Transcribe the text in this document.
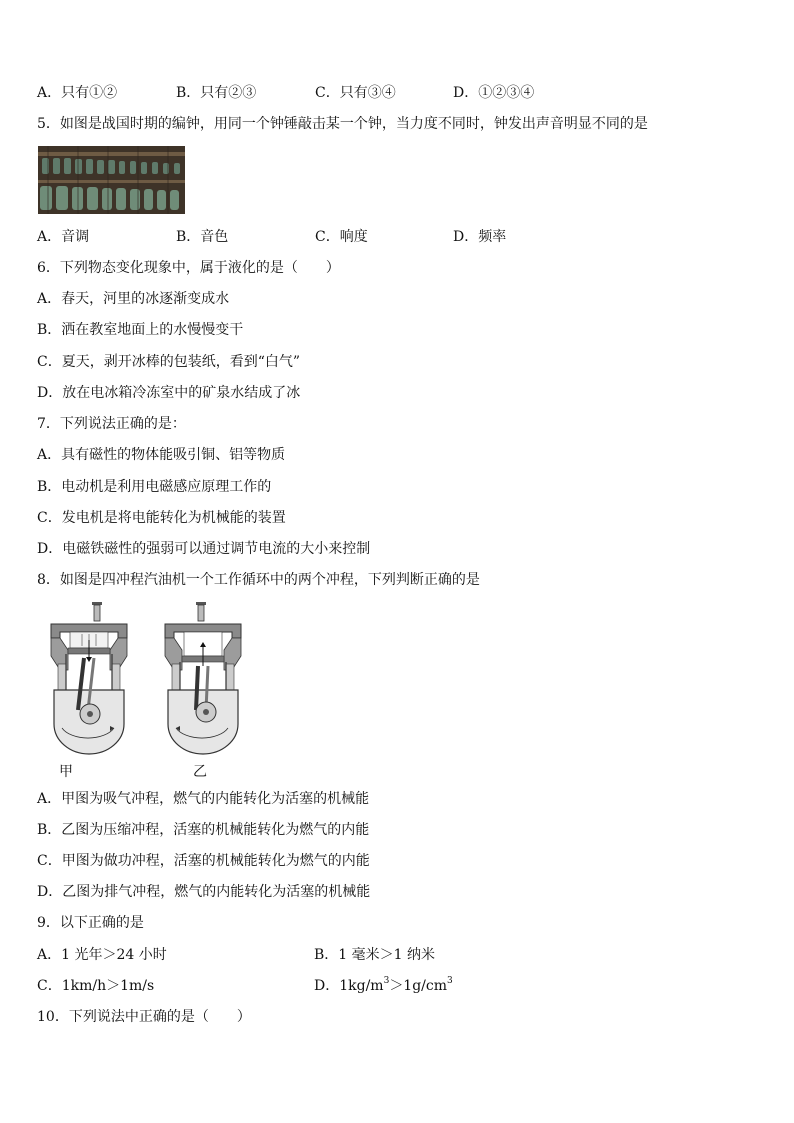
A．只有①②	B．只有②③	C．只有③④	D．①②③④
5．如图是战国时期的编钟，用同一个钟锤敲击某一个钟，当力度不同时，钟发出声音明显不同的是
A．音调	B．音色	C．响度	D．频率
6．下列物态变化现象中，属于液化的是（　　）
A．春天，河里的冰逐渐变成水
B．洒在教室地面上的水慢慢变干
C．夏天，剥开冰棒的包装纸，看到“白气”
D．放在电冰箱冷冻室中的矿泉水结成了冰
7．下列说法正确的是：
A．具有磁性的物体能吸引铜、铝等物质
B．电动机是利用电磁感应原理工作的
C．发电机是将电能转化为机械能的装置
D．电磁铁磁性的强弱可以通过调节电流的大小来控制
8．如图是四冲程汽油机一个工作循环中的两个冲程，下列判断正确的是
甲	乙
A．甲图为吸气冲程，燃气的内能转化为活塞的机械能
B．乙图为压缩冲程，活塞的机械能转化为燃气的内能
C．甲图为做功冲程，活塞的机械能转化为燃气的内能
D．乙图为排气冲程，燃气的内能转化为活塞的机械能
9．以下正确的是
A．1 光年＞24 小时	B．1 毫米＞1 纳米
C．1km/h＞1m/s	D．$1kg/m^3>1g/cm^3$
10．下列说法中正确的是（　　）
